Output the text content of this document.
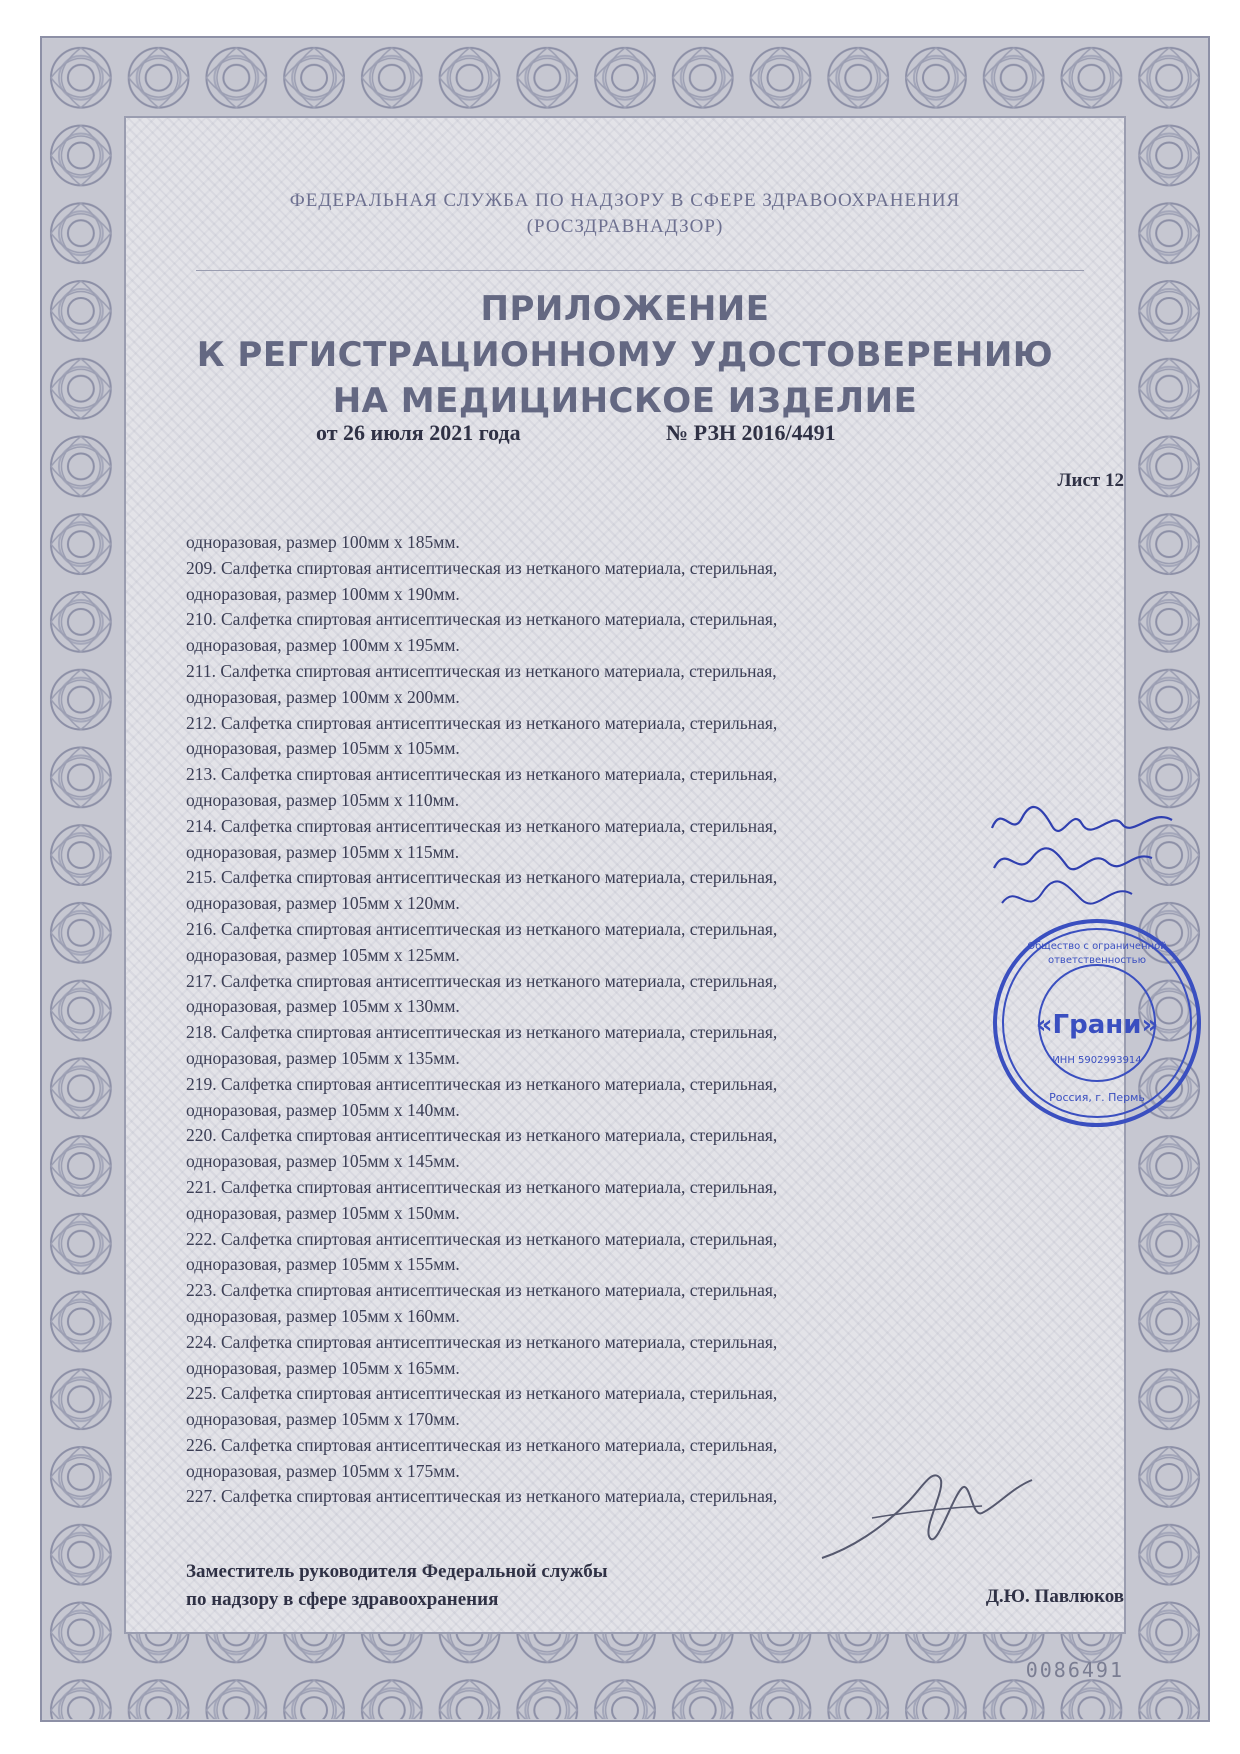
ФЕДЕРАЛЬНАЯ СЛУЖБА ПО НАДЗОРУ В СФЕРЕ ЗДРАВООХРАНЕНИЯ
(РОСЗДРАВНАДЗОР)
ПРИЛОЖЕНИЕ
К РЕГИСТРАЦИОННОМУ УДОСТОВЕРЕНИЮ
НА МЕДИЦИНСКОЕ ИЗДЕЛИЕ
от 26 июля 2021 года	№ РЗН 2016/4491
Лист 12
одноразовая, размер 100мм x 185мм.
209. Салфетка спиртовая антисептическая из нетканого материала, стерильная,
одноразовая, размер 100мм x 190мм.
210. Салфетка спиртовая антисептическая из нетканого материала, стерильная,
одноразовая, размер 100мм x 195мм.
211. Салфетка спиртовая антисептическая из нетканого материала, стерильная,
одноразовая, размер 100мм x 200мм.
212. Салфетка спиртовая антисептическая из нетканого материала, стерильная,
одноразовая, размер 105мм x 105мм.
213. Салфетка спиртовая антисептическая из нетканого материала, стерильная,
одноразовая, размер 105мм x 110мм.
214. Салфетка спиртовая антисептическая из нетканого материала, стерильная,
одноразовая, размер 105мм x 115мм.
215. Салфетка спиртовая антисептическая из нетканого материала, стерильная,
одноразовая, размер 105мм x 120мм.
216. Салфетка спиртовая антисептическая из нетканого материала, стерильная,
одноразовая, размер 105мм x 125мм.
217. Салфетка спиртовая антисептическая из нетканого материала, стерильная,
одноразовая, размер 105мм x 130мм.
218. Салфетка спиртовая антисептическая из нетканого материала, стерильная,
одноразовая, размер 105мм x 135мм.
219. Салфетка спиртовая антисептическая из нетканого материала, стерильная,
одноразовая, размер 105мм x 140мм.
220. Салфетка спиртовая антисептическая из нетканого материала, стерильная,
одноразовая, размер 105мм x 145мм.
221. Салфетка спиртовая антисептическая из нетканого материала, стерильная,
одноразовая, размер 105мм x 150мм.
222. Салфетка спиртовая антисептическая из нетканого материала, стерильная,
одноразовая, размер 105мм x 155мм.
223. Салфетка спиртовая антисептическая из нетканого материала, стерильная,
одноразовая, размер 105мм x 160мм.
224. Салфетка спиртовая антисептическая из нетканого материала, стерильная,
одноразовая, размер 105мм x 165мм.
225. Салфетка спиртовая антисептическая из нетканого материала, стерильная,
одноразовая, размер 105мм x 170мм.
226. Салфетка спиртовая антисептическая из нетканого материала, стерильная,
одноразовая, размер 105мм x 175мм.
227. Салфетка спиртовая антисептическая из нетканого материала, стерильная,
Заместитель руководителя Федеральной службы
по надзору в сфере здравоохранения	Д.Ю. Павлюков
0086491
«Грани»
ИНН 5902993914
Россия, г. Пермь
Общество с ограниченной
ответственностью
